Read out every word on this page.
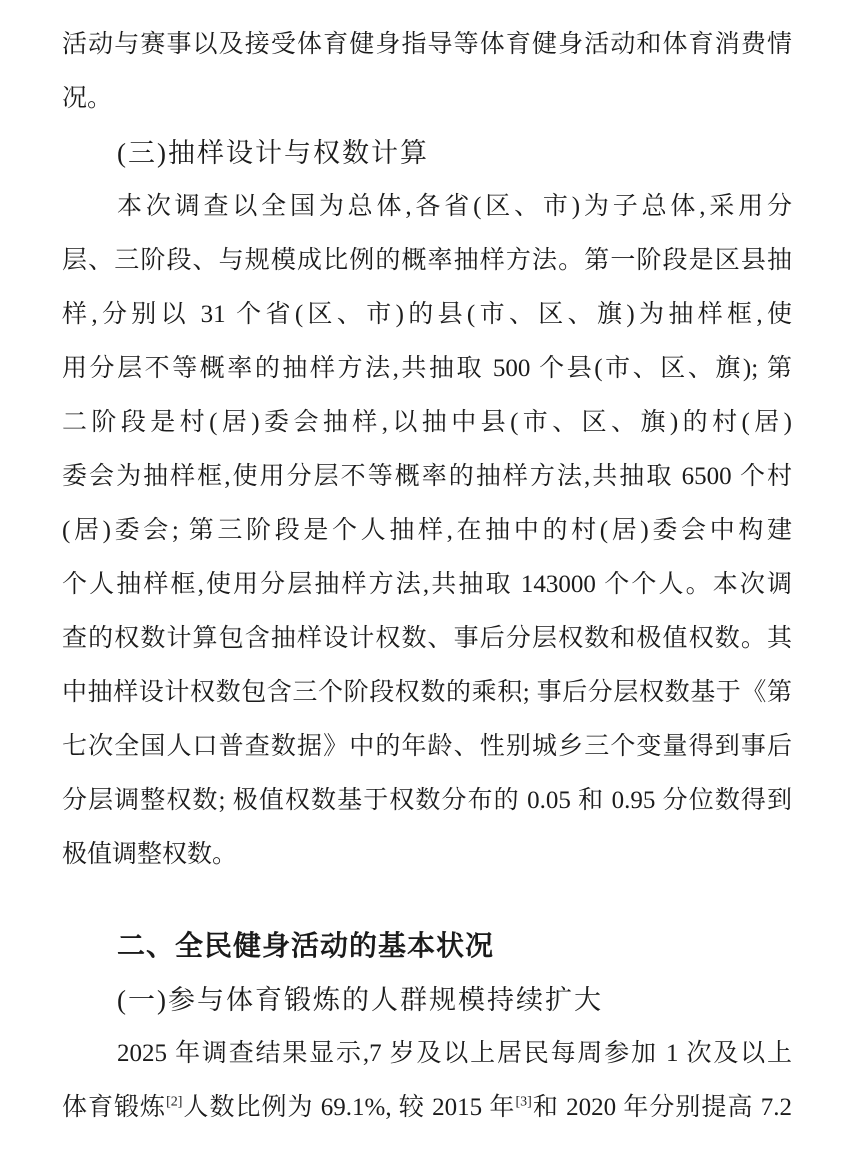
活动与赛事以及接受体育健身指导等体育健身活动和体育消费情
况。
(三)抽样设计与权数计算
本次调查以全国为总体,各省(区、市)为子总体,采用分
层、三阶段、与规模成比例的概率抽样方法。第一阶段是区县抽
样,分别以 31 个省(区、市)的县(市、区、旗)为抽样框,使
用分层不等概率的抽样方法,共抽取 500 个县(市、区、旗); 第
二阶段是村(居)委会抽样,以抽中县(市、区、旗)的村(居)
委会为抽样框,使用分层不等概率的抽样方法,共抽取 6500 个村
(居)委会; 第三阶段是个人抽样,在抽中的村(居)委会中构建
个人抽样框,使用分层抽样方法,共抽取 143000 个个人。本次调
查的权数计算包含抽样设计权数、事后分层权数和极值权数。其
中抽样设计权数包含三个阶段权数的乘积; 事后分层权数基于《第
七次全国人口普查数据》中的年龄、性别城乡三个变量得到事后
分层调整权数; 极值权数基于权数分布的 0.05 和 0.95 分位数得到
极值调整权数。
二、全民健身活动的基本状况
(一)参与体育锻炼的人群规模持续扩大
2025 年调查结果显示,7 岁及以上居民每周参加 1 次及以上
体育锻炼[2]人数比例为 69.1%, 较 2015 年[3]和 2020 年分别提高 7.2
